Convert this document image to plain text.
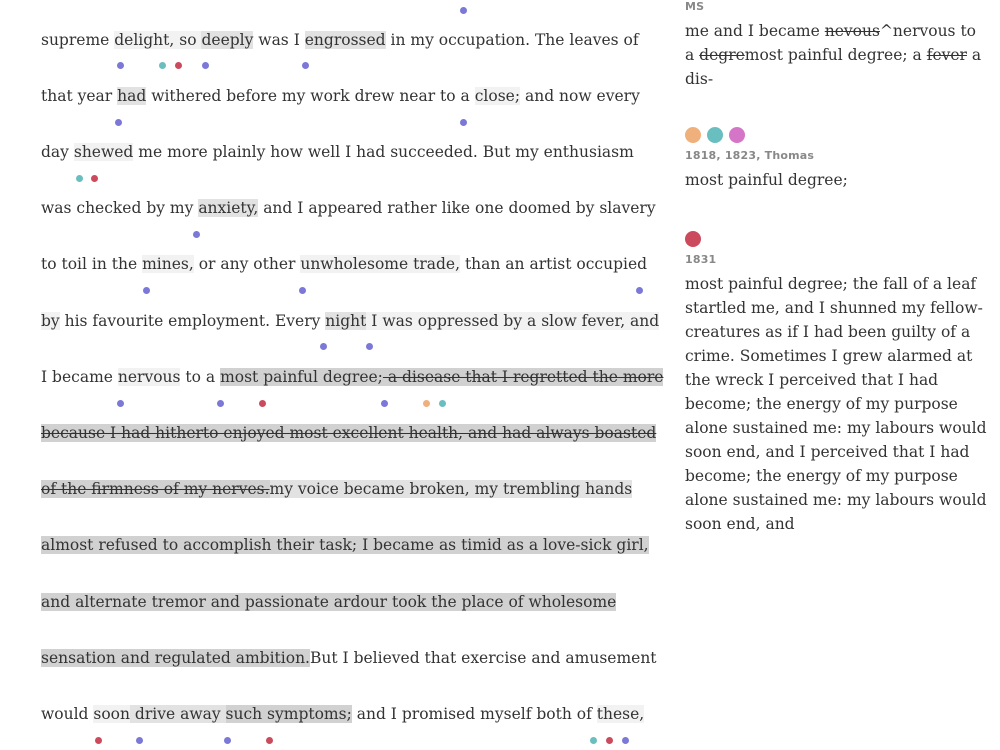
supreme delight, so deeply was I engrossed in my occupation. The leaves of
that year had withered before my work drew near to a close; and now every
day shewed me more plainly how well I had succeeded. But my enthusiasm
was checked by my anxiety, and I appeared rather like one doomed by slavery
to toil in the mines, or any other unwholesome trade, than an artist occupied
by his favourite employment. Every night I was oppressed by a slow fever, and
I became nervous to a most painful degree; a disease that I regretted the more
because I had hitherto enjoyed most excellent health, and had always boasted
of the firmness of my nerves.my voice became broken, my trembling hands
almost refused to accomplish their task; I became as timid as a love-sick girl,
and alternate tremor and passionate ardour took the place of wholesome
sensation and regulated ambition.But I believed that exercise and amusement
would soon drive away such symptoms; and I promised myself both of these,
MS
me and I became nevous^nervous to a degremost painful degree; a fever a dis-
1818, 1823, Thomas
most painful degree;
1831
most painful degree; the fall of a leaf startled me, and I shunned my fellow-creatures as if I had been guilty of a crime. Sometimes I grew alarmed at the wreck I perceived that I had become; the energy of my purpose alone sustained me: my labours would soon end, and I perceived that I had become; the energy of my purpose alone sustained me: my labours would soon end, and
